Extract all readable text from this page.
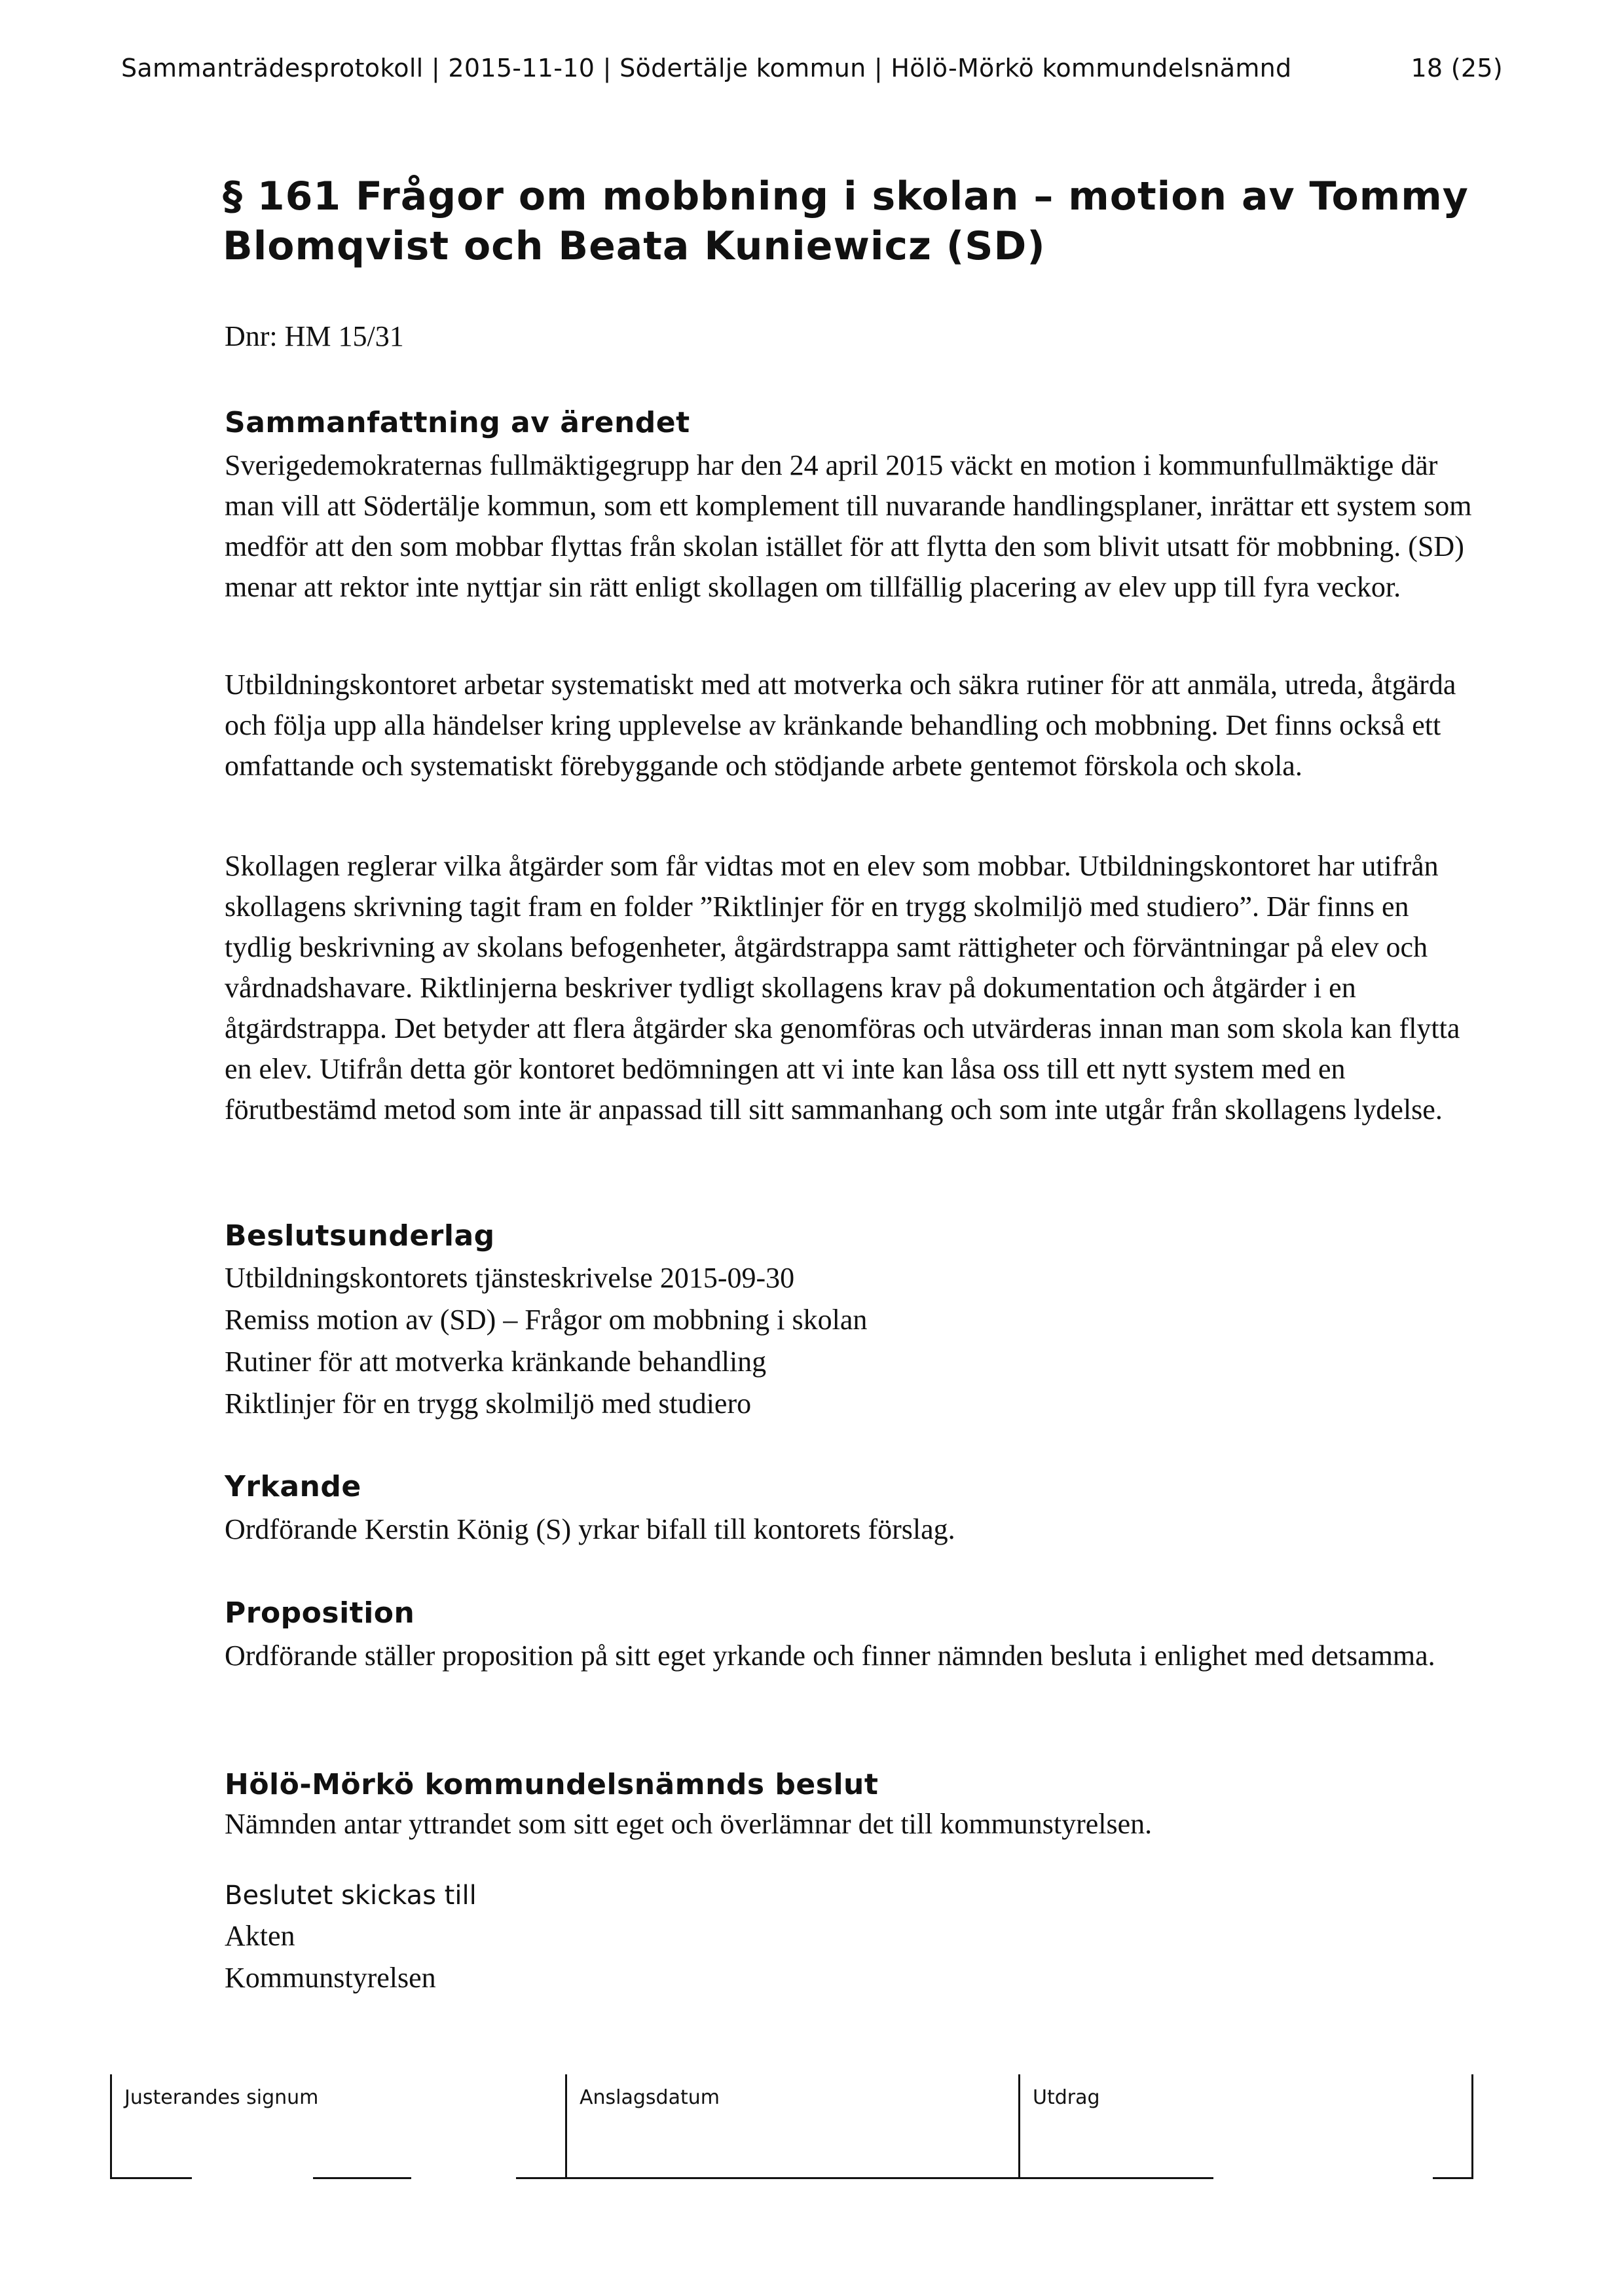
Sammanträdesprotokoll | 2015-11-10 | Södertälje kommun | Hölö-Mörkö kommundelsnämnd	18 (25)
§ 161 Frågor om mobbning i skolan – motion av Tommy Blomqvist och Beata Kuniewicz (SD)
Dnr: HM 15/31
Sammanfattning av ärendet

Sverigedemokraternas fullmäktigegrupp har den 24 april 2015 väckt en motion i kommunfullmäktige där man vill att Södertälje kommun, som ett komplement till nuvarande handlingsplaner, inrättar ett system som medför att den som mobbar flyttas från skolan istället för att flytta den som blivit utsatt för mobbning. (SD) menar att rektor inte nyttjar sin rätt enligt skollagen om tillfällig placering av elev upp till fyra veckor.

Utbildningskontoret arbetar systematiskt med att motverka och säkra rutiner för att anmäla, utreda, åtgärda och följa upp alla händelser kring upplevelse av kränkande behandling och mobbning. Det finns också ett omfattande och systematiskt förebyggande och stödjande arbete gentemot förskola och skola.

Skollagen reglerar vilka åtgärder som får vidtas mot en elev som mobbar. Utbildningskontoret har utifrån skollagens skrivning tagit fram en folder ”Riktlinjer för en trygg skolmiljö med studiero”. Där finns en tydlig beskrivning av skolans befogenheter, åtgärdstrappa samt rättigheter och förväntningar på elev och vårdnadshavare. Riktlinjerna beskriver tydligt skollagens krav på dokumentation och åtgärder i en åtgärdstrappa. Det betyder att flera åtgärder ska genomföras och utvärderas innan man som skola kan flytta en elev. Utifrån detta gör kontoret bedömningen att vi inte kan låsa oss till ett nytt system med en förutbestämd metod som inte är anpassad till sitt sammanhang och som inte utgår från skollagens lydelse.

Beslutsunderlag
Utbildningskontorets tjänsteskrivelse 2015-09-30
Remiss motion av (SD) – Frågor om mobbning i skolan
Rutiner för att motverka kränkande behandling
Riktlinjer för en trygg skolmiljö med studiero
Yrkande

Ordförande Kerstin König (S) yrkar bifall till kontorets förslag.

Proposition

Ordförande ställer proposition på sitt eget yrkande och finner nämnden besluta i enlighet med detsamma.

Hölö-Mörkö kommundelsnämnds beslut

Nämnden antar yttrandet som sitt eget och överlämnar det till kommunstyrelsen.

Beslutet skickas till
Akten
Kommunstyrelsen
Justerandes signum	Anslagsdatum	Utdrag
